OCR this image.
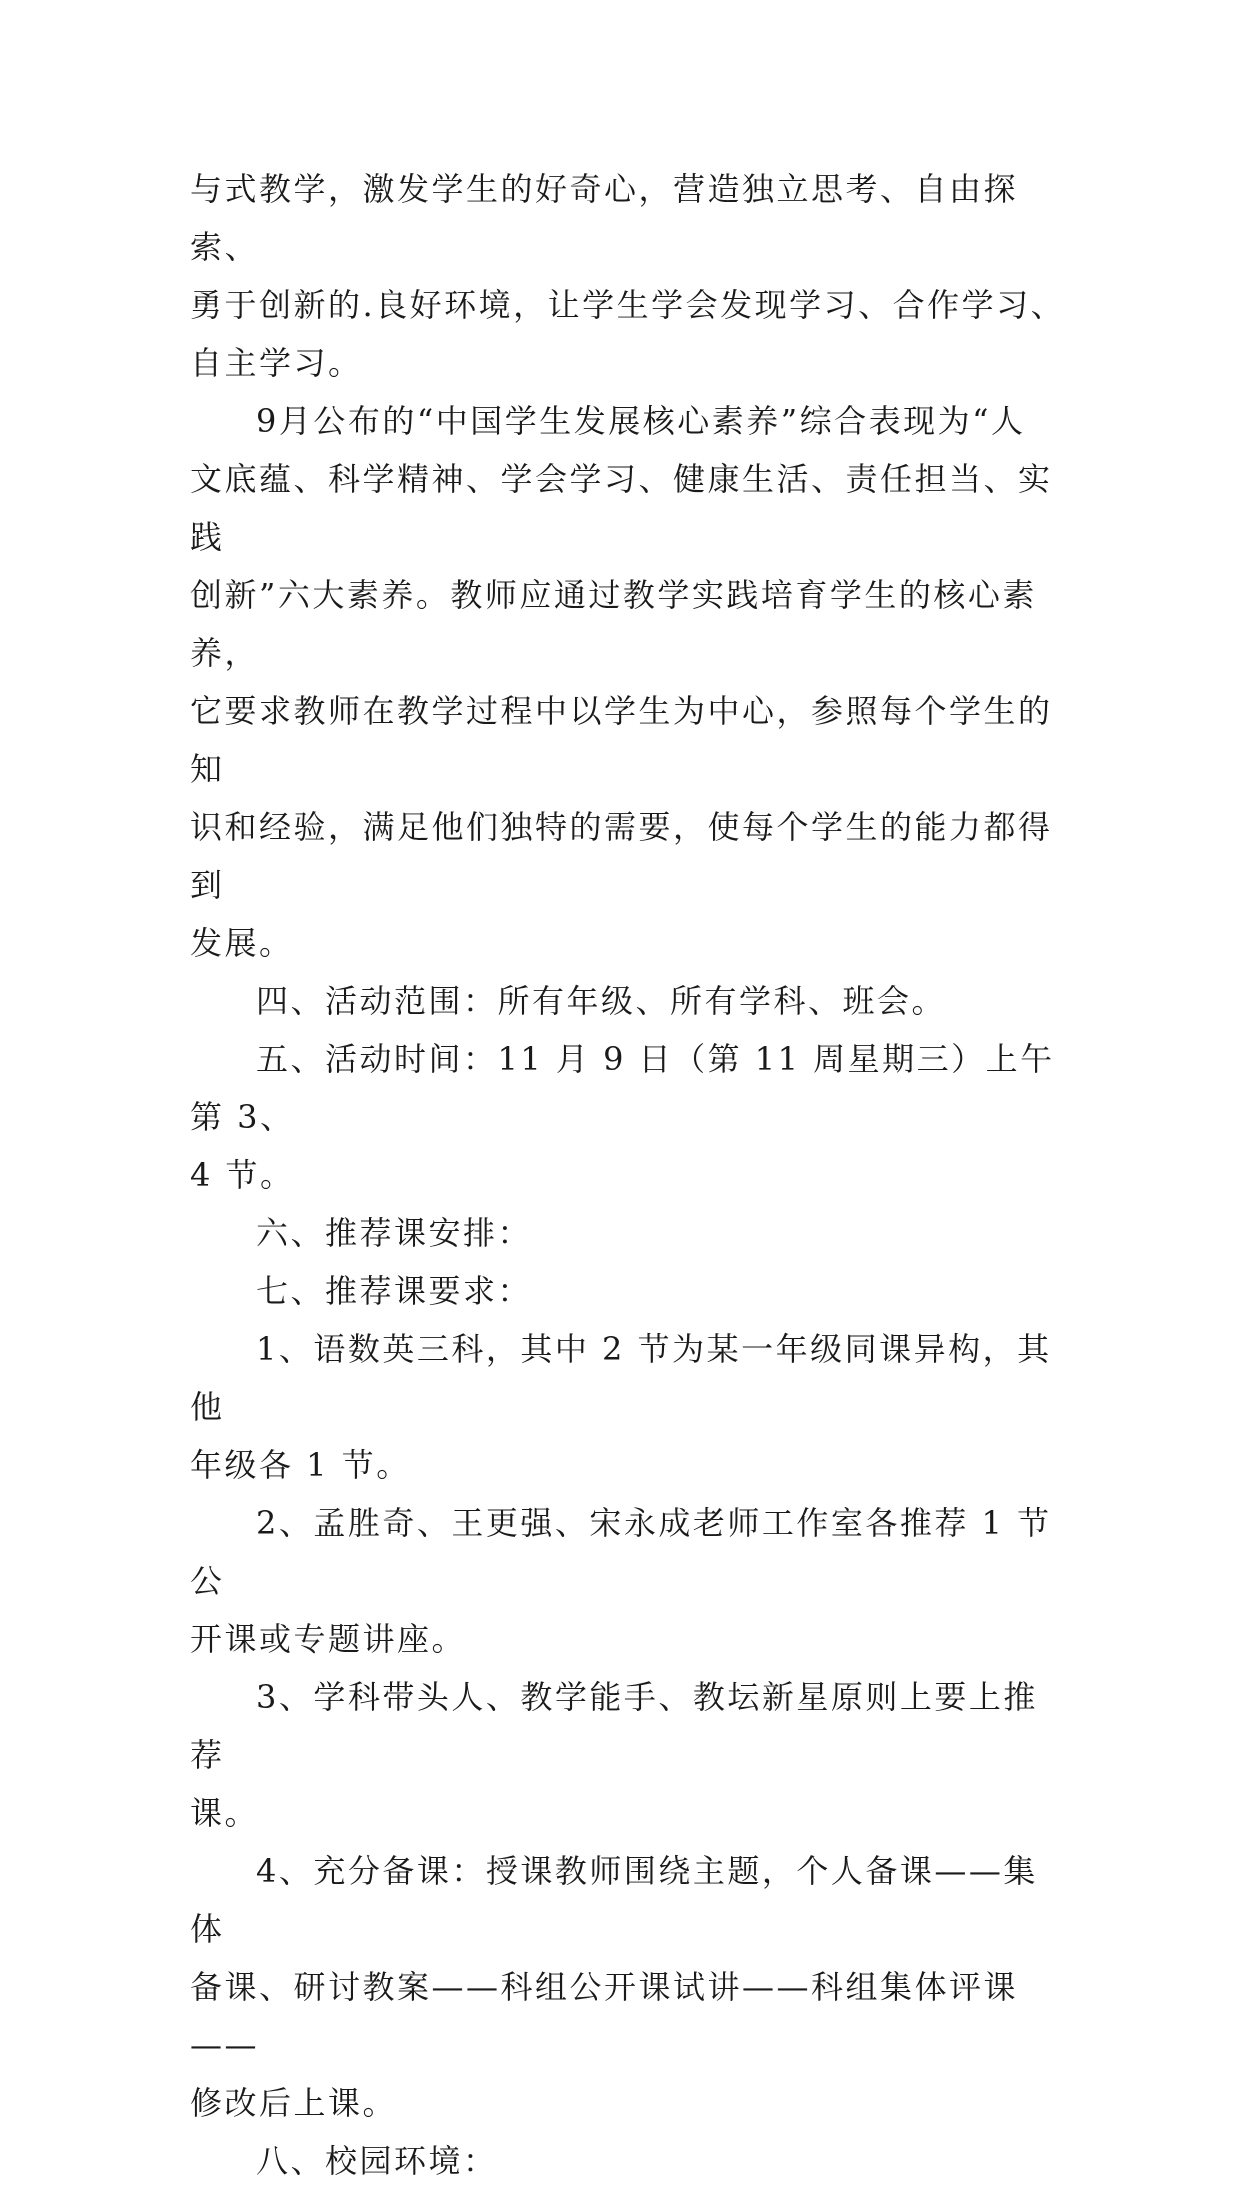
与式教学，激发学生的好奇心，营造独立思考、自由探索、
勇于创新的.良好环境，让学生学会发现学习、合作学习、
自主学习。

9月公布的“中国学生发展核心素养”综合表现为“人
文底蕴、科学精神、学会学习、健康生活、责任担当、实践
创新”六大素养。教师应通过教学实践培育学生的核心素养，
它要求教师在教学过程中以学生为中心，参照每个学生的知
识和经验，满足他们独特的需要，使每个学生的能力都得到
发展。

四、活动范围：所有年级、所有学科、班会。

五、活动时间：11 月 9 日（第 11 周星期三）上午第 3、
4 节。

六、推荐课安排：

七、推荐课要求：

1、语数英三科，其中 2 节为某一年级同课异构，其他
年级各 1 节。

2、孟胜奇、王更强、宋永成老师工作室各推荐 1 节公
开课或专题讲座。

3、学科带头人、教学能手、教坛新星原则上要上推荐
课。

4、充分备课：授课教师围绕主题，个人备课——集体
备课、研讨教案——科组公开课试讲——科组集体评课——
修改后上课。

八、校园环境：
